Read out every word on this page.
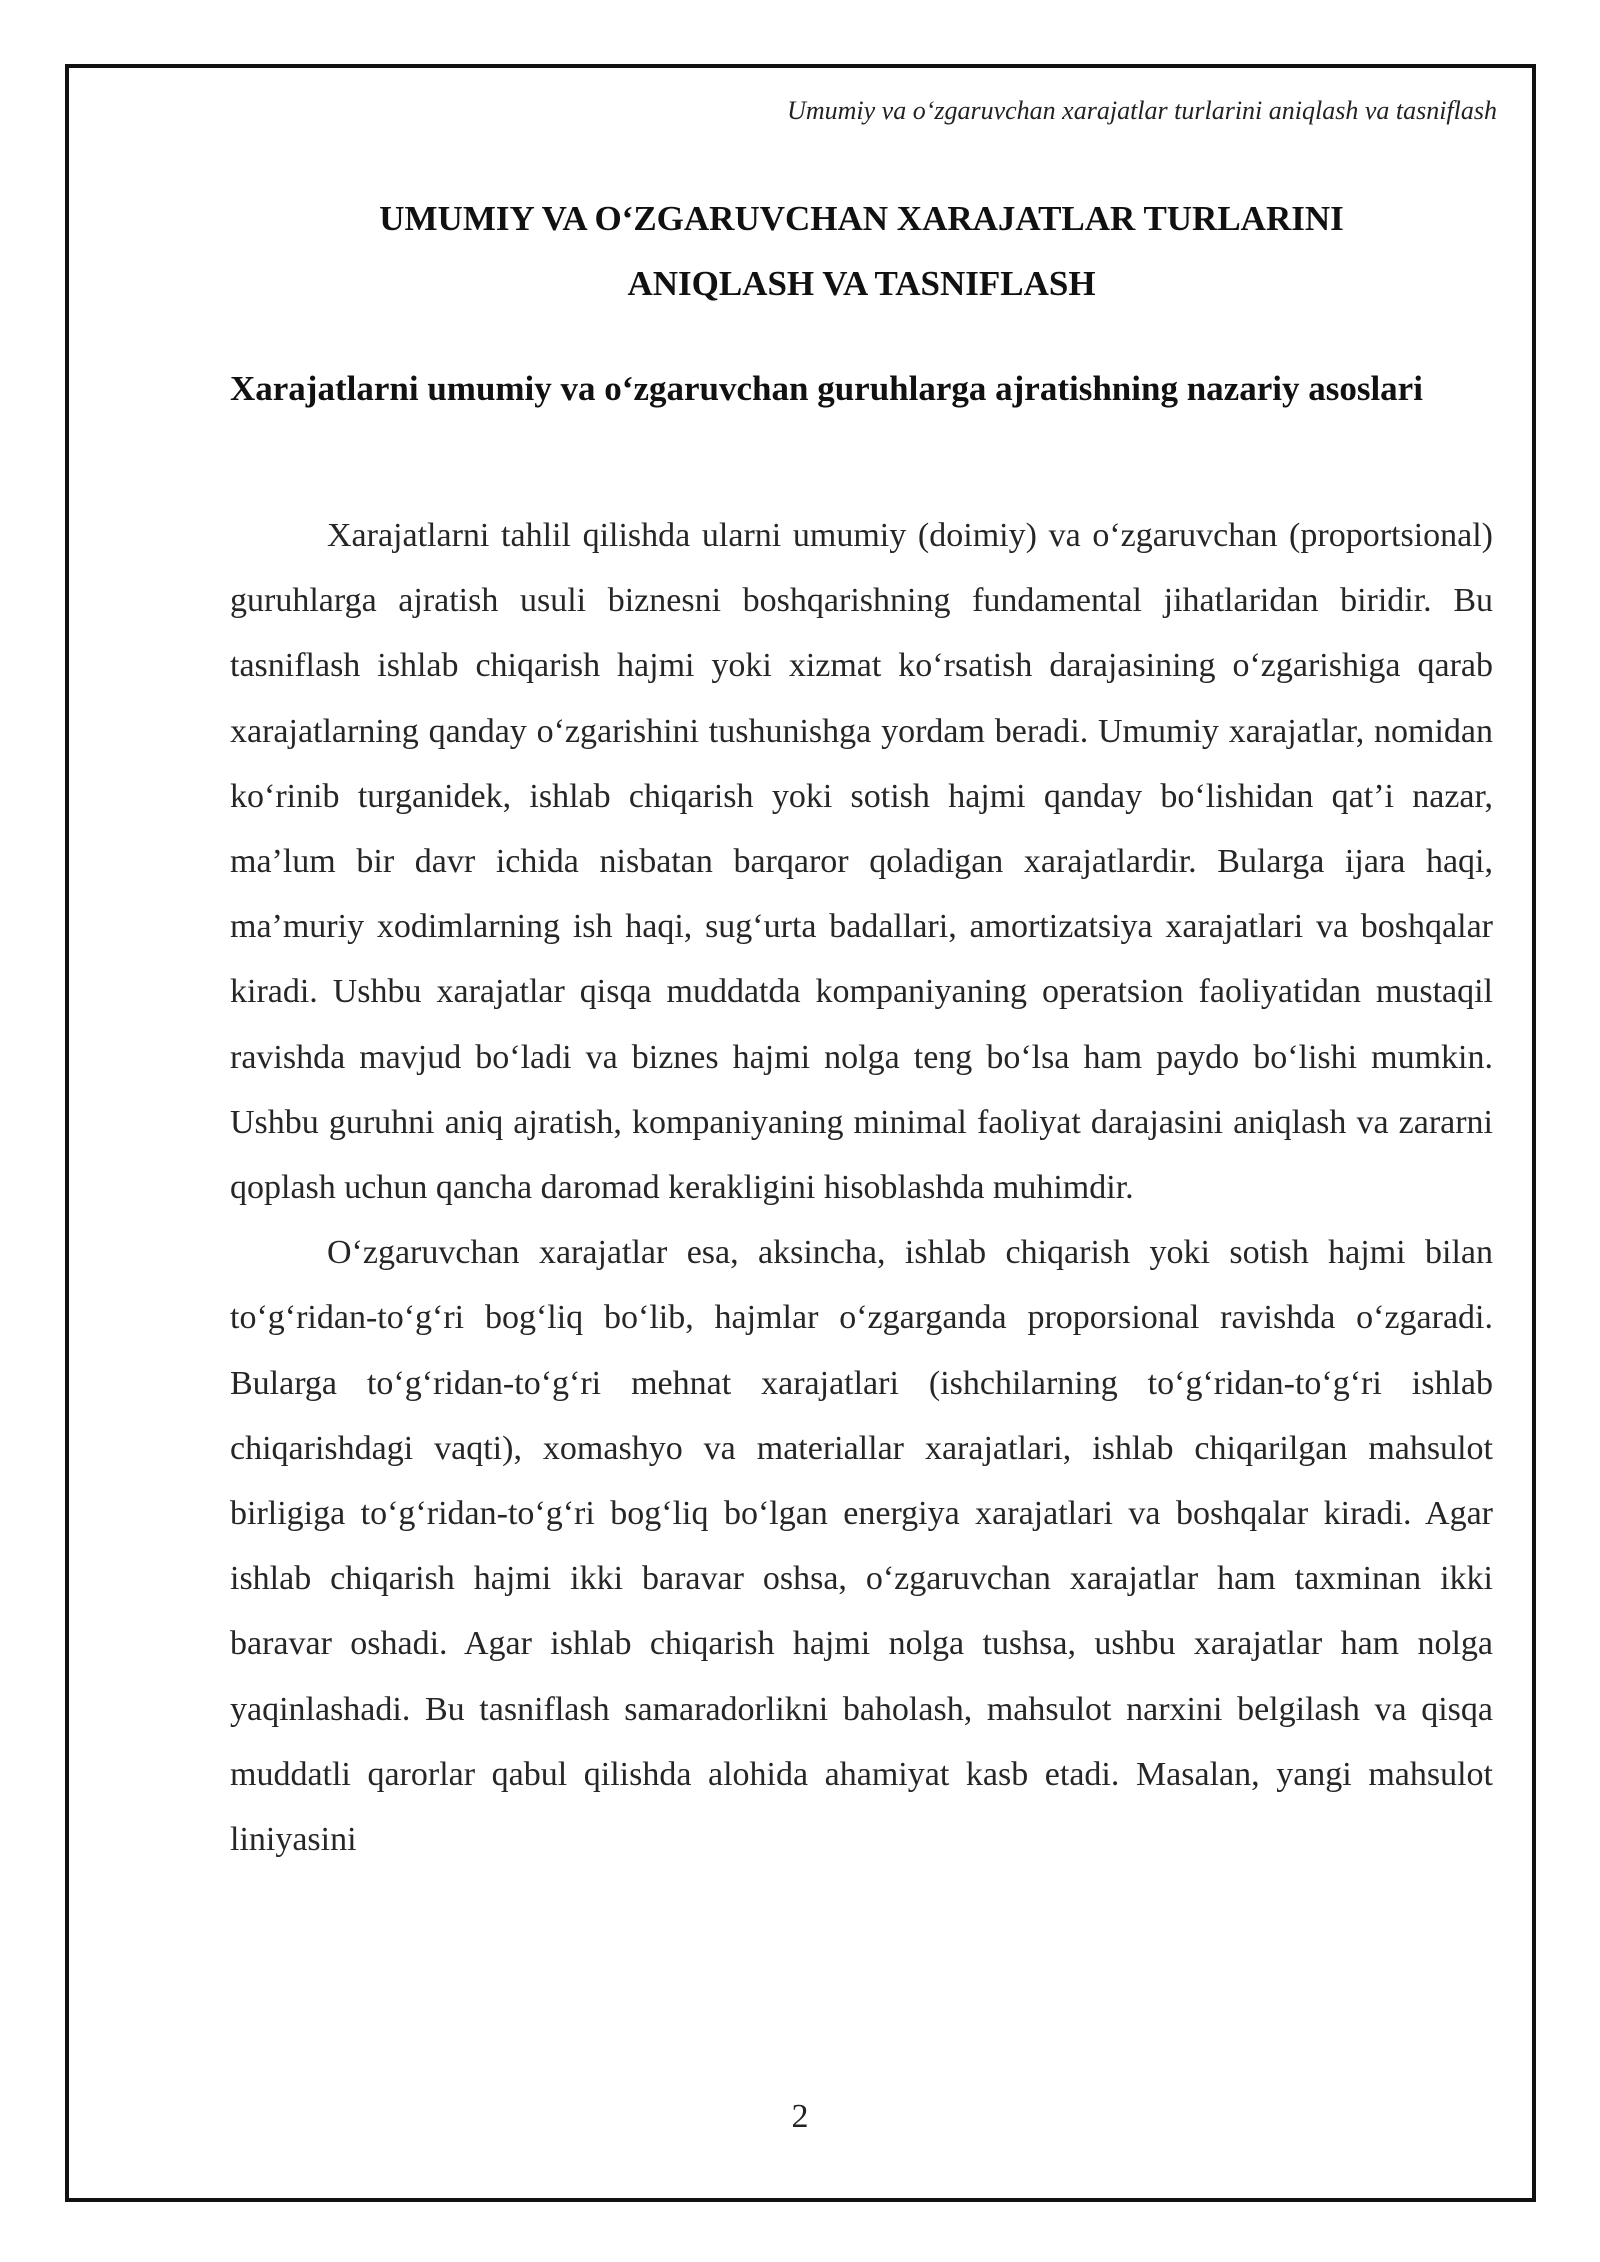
Umumiy va o‘zgaruvchan xarajatlar turlarini aniqlash va tasniflash
UMUMIY VA O‘ZGARUVCHAN XARAJATLAR TURLARINI
ANIQLASH VA TASNIFLASH
Xarajatlarni umumiy va o‘zgaruvchan guruhlarga ajratishning nazariy asoslari

Xarajatlarni tahlil qilishda ularni umumiy (doimiy) va o‘zgaruvchan (proportsional) guruhlarga ajratish usuli biznesni boshqarishning fundamental jihatlaridan biridir. Bu tasniflash ishlab chiqarish hajmi yoki xizmat ko‘rsatish darajasining o‘zgarishiga qarab xarajatlarning qanday o‘zgarishini tushunishga yordam beradi. Umumiy xarajatlar, nomidan ko‘rinib turganidek, ishlab chiqarish yoki sotish hajmi qanday bo‘lishidan qat’i nazar, ma’lum bir davr ichida nisbatan barqaror qoladigan xarajatlardir. Bularga ijara haqi, ma’muriy xodimlarning ish haqi, sug‘urta badallari, amortizatsiya xarajatlari va boshqalar kiradi. Ushbu xarajatlar qisqa muddatda kompaniyaning operatsion faoliyatidan mustaqil ravishda mavjud bo‘ladi va biznes hajmi nolga teng bo‘lsa ham paydo bo‘lishi mumkin. Ushbu guruhni aniq ajratish, kompaniyaning minimal faoliyat darajasini aniqlash va zararni qoplash uchun qancha daromad kerakligini hisoblashda muhimdir.

O‘zgaruvchan xarajatlar esa, aksincha, ishlab chiqarish yoki sotish hajmi bilan to‘g‘ridan-to‘g‘ri bog‘liq bo‘lib, hajmlar o‘zgarganda proporsional ravishda o‘zgaradi. Bularga to‘g‘ridan-to‘g‘ri mehnat xarajatlari (ishchilarning to‘g‘ridan-to‘g‘ri ishlab chiqarishdagi vaqti), xomashyo va materiallar xarajatlari, ishlab chiqarilgan mahsulot birligiga to‘g‘ridan-to‘g‘ri bog‘liq bo‘lgan energiya xarajatlari va boshqalar kiradi. Agar ishlab chiqarish hajmi ikki baravar oshsa, o‘zgaruvchan xarajatlar ham taxminan ikki baravar oshadi. Agar ishlab chiqarish hajmi nolga tushsa, ushbu xarajatlar ham nolga yaqinlashadi. Bu tasniflash samaradorlikni baholash, mahsulot narxini belgilash va qisqa muddatli qarorlar qabul qilishda alohida ahamiyat kasb etadi. Masalan, yangi mahsulot liniyasini

2
